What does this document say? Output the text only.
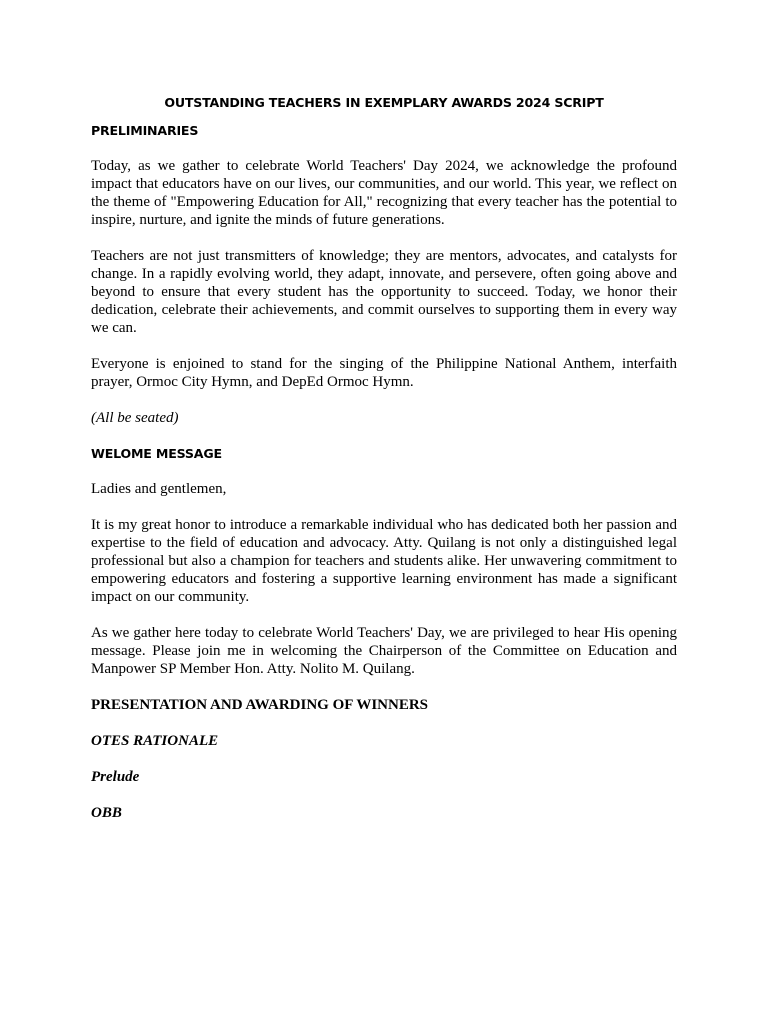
OUTSTANDING TEACHERS IN EXEMPLARY AWARDS 2024 SCRIPT
PRELIMINARIES

Today, as we gather to celebrate World Teachers' Day 2024, we acknowledge the profound impact that educators have on our lives, our communities, and our world. This year, we reflect on the theme of "Empowering Education for All," recognizing that every teacher has the potential to inspire, nurture, and ignite the minds of future generations.

Teachers are not just transmitters of knowledge; they are mentors, advocates, and catalysts for change. In a rapidly evolving world, they adapt, innovate, and persevere, often going above and beyond to ensure that every student has the opportunity to succeed. Today, we honor their dedication, celebrate their achievements, and commit ourselves to supporting them in every way we can.

Everyone is enjoined to stand for the singing of the Philippine National Anthem, interfaith prayer, Ormoc City Hymn, and DepEd Ormoc Hymn.

(All be seated)

WELOME MESSAGE

Ladies and gentlemen,

It is my great honor to introduce a remarkable individual who has dedicated both her passion and expertise to the field of education and advocacy. Atty. Quilang is not only a distinguished legal professional but also a champion for teachers and students alike. Her unwavering commitment to empowering educators and fostering a supportive learning environment has made a significant impact on our community.

As we gather here today to celebrate World Teachers' Day, we are privileged to hear His opening message. Please join me in welcoming the Chairperson of the Committee on Education and Manpower SP Member Hon. Atty. Nolito M. Quilang.

PRESENTATION AND AWARDING OF WINNERS

OTES RATIONALE

Prelude

OBB
